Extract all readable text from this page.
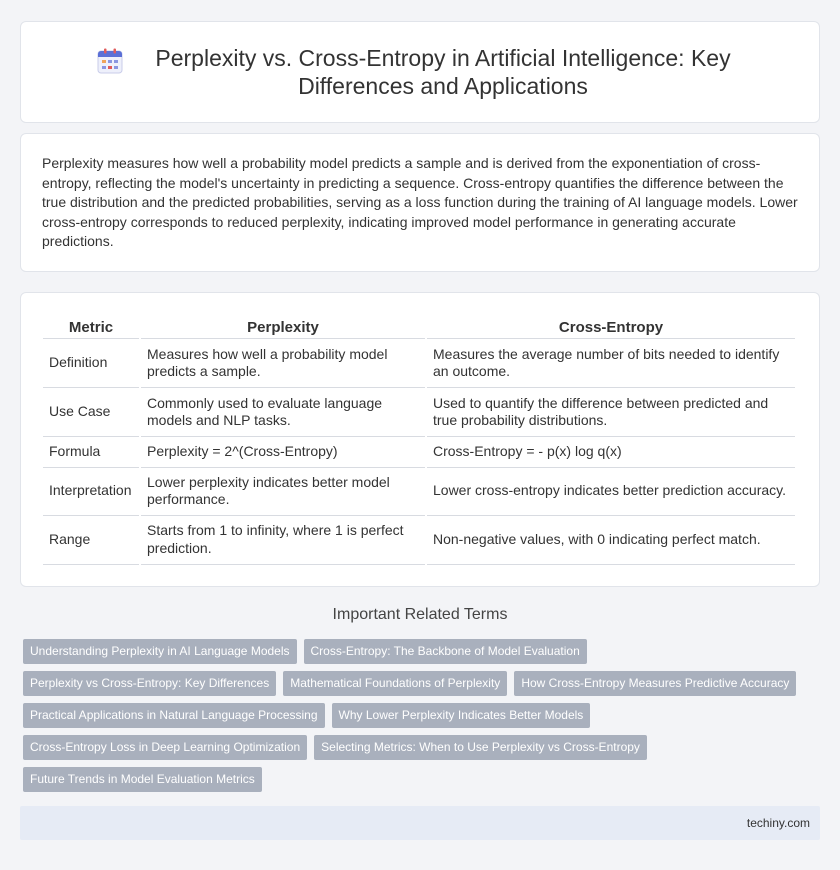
Perplexity vs. Cross-Entropy in Artificial Intelligence: Key Differences and Applications

Perplexity measures how well a probability model predicts a sample and is derived from the exponentiation of cross-entropy, reflecting the model's uncertainty in predicting a sequence. Cross-entropy quantifies the difference between the true distribution and the predicted probabilities, serving as a loss function during the training of AI language models. Lower cross-entropy corresponds to reduced perplexity, indicating improved model performance in generating accurate predictions.

Metric	Perplexity	Cross-Entropy
Definition	Measures how well a probability model predicts a sample.	Measures the average number of bits needed to identify an outcome.
Use Case	Commonly used to evaluate language models and NLP tasks.	Used to quantify the difference between predicted and true probability distributions.
Formula	Perplexity = 2^(Cross-Entropy)	Cross-Entropy = - p(x) log q(x)
Interpretation	Lower perplexity indicates better model performance.	Lower cross-entropy indicates better prediction accuracy.
Range	Starts from 1 to infinity, where 1 is perfect prediction.	Non-negative values, with 0 indicating perfect match.
Important Related Terms
Understanding Perplexity in AI Language Models	Cross-Entropy: The Backbone of Model Evaluation
Perplexity vs Cross-Entropy: Key Differences	Mathematical Foundations of Perplexity	How Cross-Entropy Measures Predictive Accuracy
Practical Applications in Natural Language Processing	Why Lower Perplexity Indicates Better Models
Cross-Entropy Loss in Deep Learning Optimization	Selecting Metrics: When to Use Perplexity vs Cross-Entropy
Future Trends in Model Evaluation Metrics
techiny.com
